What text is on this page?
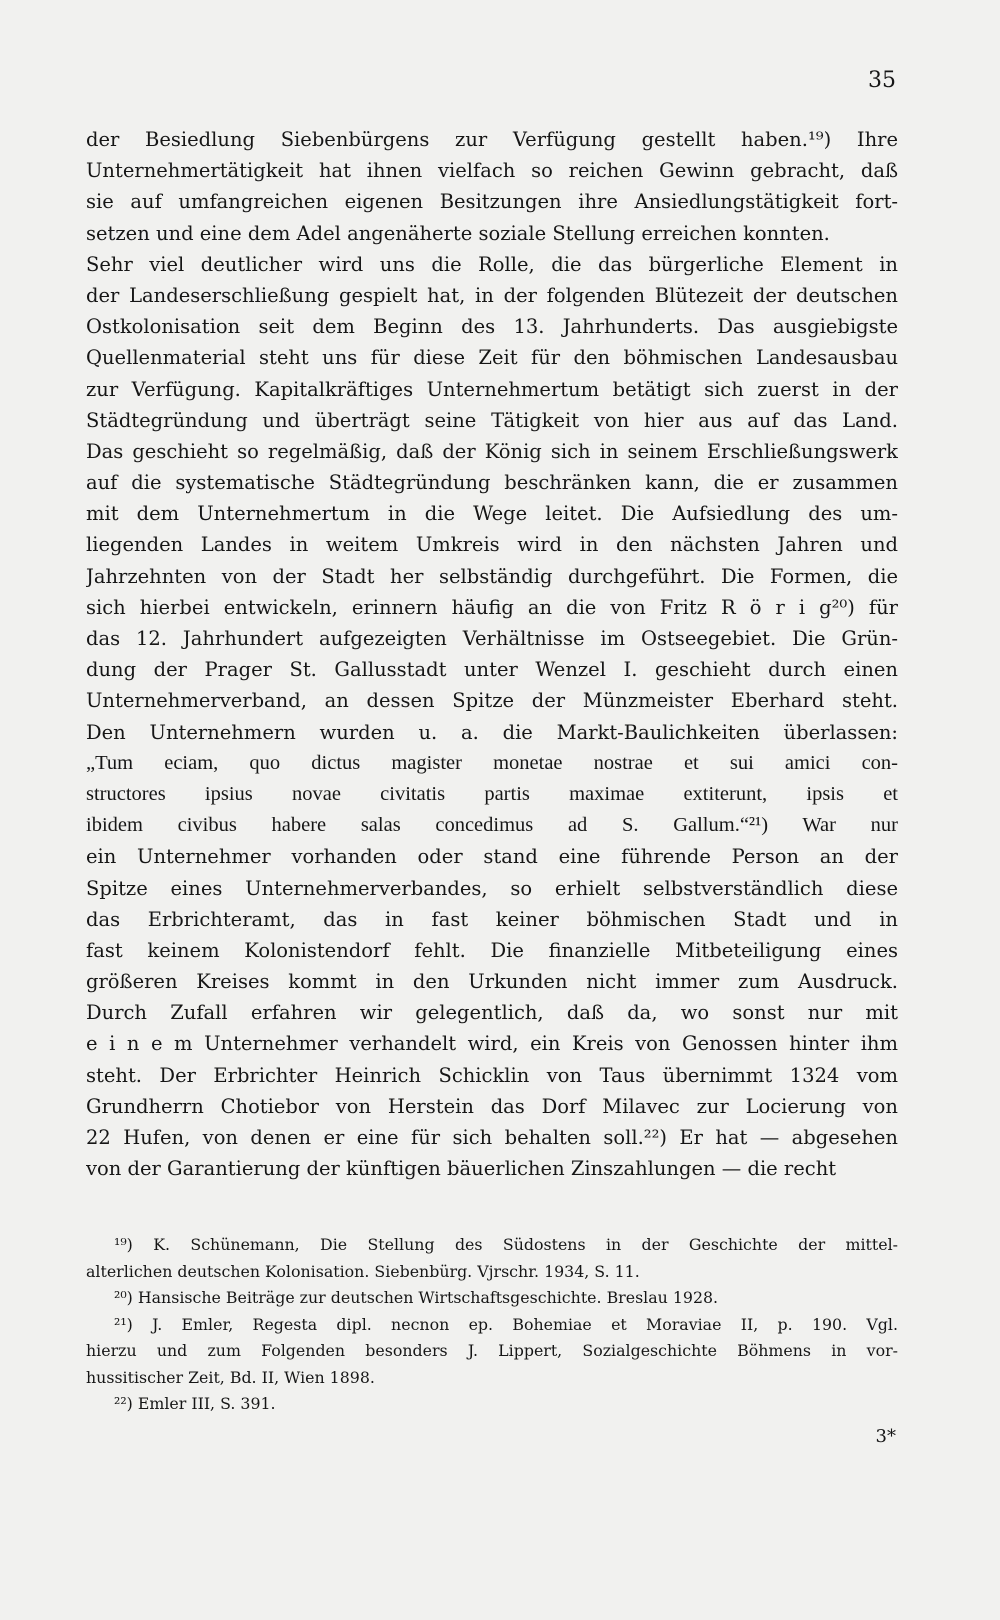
35
der Besiedlung Siebenbürgens zur Verfügung gestellt haben.¹⁹) Ihre
Unternehmertätigkeit hat ihnen vielfach so reichen Gewinn gebracht, daß
sie auf umfangreichen eigenen Besitzungen ihre Ansiedlungstätigkeit fort-
setzen und eine dem Adel angenäherte soziale Stellung erreichen konnten.
Sehr viel deutlicher wird uns die Rolle, die das bürgerliche Element in
der Landeserschließung gespielt hat, in der folgenden Blütezeit der deutschen
Ostkolonisation seit dem Beginn des 13. Jahrhunderts. Das ausgiebigste
Quellenmaterial steht uns für diese Zeit für den böhmischen Landesausbau
zur Verfügung. Kapitalkräftiges Unternehmertum betätigt sich zuerst in der
Städtegründung und überträgt seine Tätigkeit von hier aus auf das Land.
Das geschieht so regelmäßig, daß der König sich in seinem Erschließungswerk
auf die systematische Städtegründung beschränken kann, die er zusammen
mit dem Unternehmertum in die Wege leitet. Die Aufsiedlung des um-
liegenden Landes in weitem Umkreis wird in den nächsten Jahren und
Jahrzehnten von der Stadt her selbständig durchgeführt. Die Formen, die
sich hierbei entwickeln, erinnern häufig an die von Fritz R ö r i g²⁰) für
das 12. Jahrhundert aufgezeigten Verhältnisse im Ostseegebiet. Die Grün-
dung der Prager St. Gallusstadt unter Wenzel I. geschieht durch einen
Unternehmerverband, an dessen Spitze der Münzmeister Eberhard steht.
Den Unternehmern wurden u. a. die Markt-Baulichkeiten überlassen:
„Tum eciam, quo dictus magister monetae nostrae et sui amici con-
structores ipsius novae civitatis partis maximae extiterunt, ipsis et
ibidem civibus habere salas concedimus ad S. Gallum.“²¹) War nur
ein Unternehmer vorhanden oder stand eine führende Person an der
Spitze eines Unternehmerverbandes, so erhielt selbstverständlich diese
das Erbrichteramt, das in fast keiner böhmischen Stadt und in
fast keinem Kolonistendorf fehlt. Die finanzielle Mitbeteiligung eines
größeren Kreises kommt in den Urkunden nicht immer zum Ausdruck.
Durch Zufall erfahren wir gelegentlich, daß da, wo sonst nur mit
e i n e m Unternehmer verhandelt wird, ein Kreis von Genossen hinter ihm
steht. Der Erbrichter Heinrich Schicklin von Taus übernimmt 1324 vom
Grundherrn Chotiebor von Herstein das Dorf Milavec zur Locierung von
22 Hufen, von denen er eine für sich behalten soll.²²) Er hat — abgesehen
von der Garantierung der künftigen bäuerlichen Zinszahlungen — die recht
¹⁹) K. Schünemann, Die Stellung des Südostens in der Geschichte der mittel-
alterlichen deutschen Kolonisation. Siebenbürg. Vjrschr. 1934, S. 11.
²⁰) Hansische Beiträge zur deutschen Wirtschaftsgeschichte. Breslau 1928.
²¹) J. Emler, Regesta dipl. necnon ep. Bohemiae et Moraviae II, p. 190. Vgl.
hierzu und zum Folgenden besonders J. Lippert, Sozialgeschichte Böhmens in vor-
hussitischer Zeit, Bd. II, Wien 1898.
²²) Emler III, S. 391.
3*
